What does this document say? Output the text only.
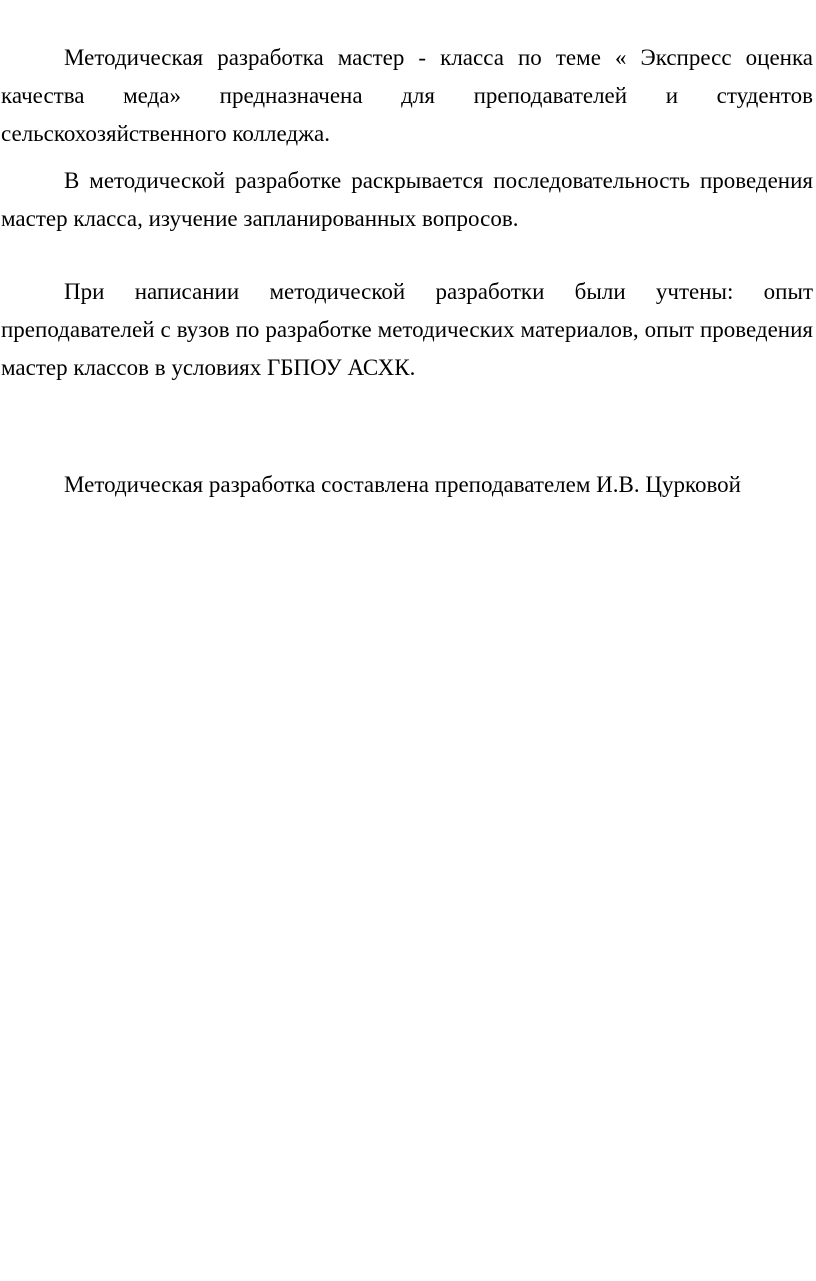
Методическая разработка мастер - класса по теме « Экспресс оценка качества меда» предназначена для преподавателей и студентов сельскохозяйственного колледжа.

В методической разработке раскрывается последовательность проведения мастер класса, изучение запланированных вопросов.

При написании методической разработки были учтены: опыт преподавателей с вузов по разработке методических материалов, опыт проведения мастер классов в условиях ГБПОУ АСХК.

Методическая разработка составлена преподавателем И.В. Цурковой
